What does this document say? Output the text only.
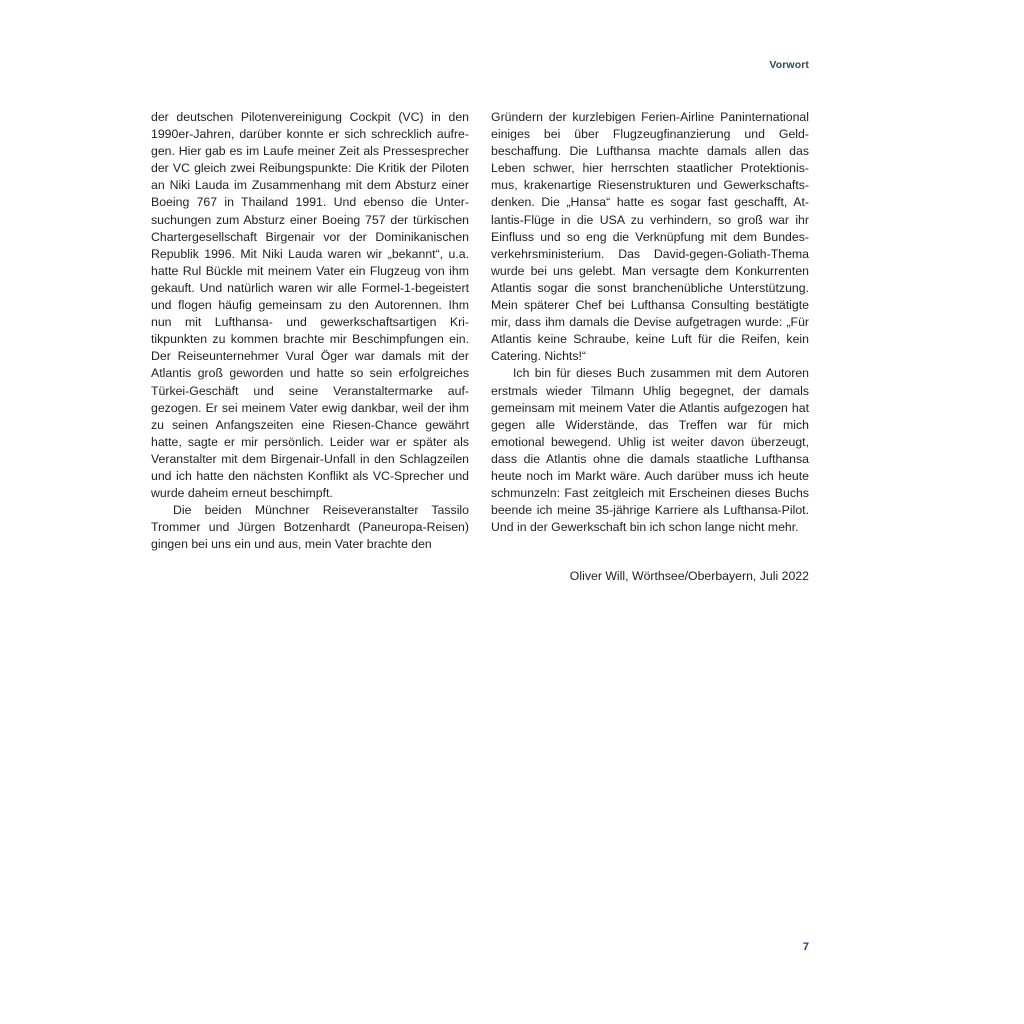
Vorwort

der deutschen Pilotenvereinigung Cockpit (VC) in den 1990er-Jahren, darüber konnte er sich schrecklich aufregen. Hier gab es im Laufe meiner Zeit als Pressesprecher der VC gleich zwei Reibungspunkte: Die Kritik der Piloten an Niki Lauda im Zusammenhang mit dem Absturz einer Boeing 767 in Thailand 1991. Und ebenso die Untersuchungen zum Absturz einer Boeing 757 der türkischen Chartergesellschaft Birgenair vor der Dominikanischen Republik 1996. Mit Niki Lauda waren wir „bekannt“, u.a. hatte Rul Bückle mit meinem Vater ein Flugzeug von ihm gekauft. Und natürlich waren wir alle Formel-1-begeistert und flogen häufig gemeinsam zu den Autorennen. Ihm nun mit Lufthansa- und gewerkschaftsartigen Kritikpunkten zu kommen brachte mir Beschimpfungen ein. Der Reiseunternehmer Vural Öger war damals mit der Atlantis groß geworden und hatte so sein erfolgreiches Türkei-Geschäft und seine Veranstaltermarke aufgezogen. Er sei meinem Vater ewig dankbar, weil der ihm zu seinen Anfangszeiten eine Riesen-Chance gewährt hatte, sagte er mir persönlich. Leider war er später als Veranstalter mit dem Birgenair-Unfall in den Schlagzeilen und ich hatte den nächsten Konflikt als VC-Sprecher und wurde daheim erneut beschimpft.

Die beiden Münchner Reiseveranstalter Tassilo Trommer und Jürgen Botzenhardt (Paneuropa-Reisen) gingen bei uns ein und aus, mein Vater brachte den

Gründern der kurzlebigen Ferien-Airline Paninternational einiges bei über Flugzeugfinanzierung und Geldbeschaffung. Die Lufthansa machte damals allen das Leben schwer, hier herrschten staatlicher Protektionismus, krakenartige Riesenstrukturen und Gewerkschaftsdenken. Die „Hansa“ hatte es sogar fast geschafft, Atlantis-Flüge in die USA zu verhindern, so groß war ihr Einfluss und so eng die Verknüpfung mit dem Bundesverkehrsministerium. Das David-gegen-Goliath-Thema wurde bei uns gelebt. Man versagte dem Konkurrenten Atlantis sogar die sonst branchenübliche Unterstützung. Mein späterer Chef bei Lufthansa Consulting bestätigte mir, dass ihm damals die Devise aufgetragen wurde: „Für Atlantis keine Schraube, keine Luft für die Reifen, kein Catering. Nichts!“

Ich bin für dieses Buch zusammen mit dem Autoren erstmals wieder Tilmann Uhlig begegnet, der damals gemeinsam mit meinem Vater die Atlantis aufgezogen hat gegen alle Widerstände, das Treffen war für mich emotional bewegend. Uhlig ist weiter davon überzeugt, dass die Atlantis ohne die damals staatliche Lufthansa heute noch im Markt wäre. Auch darüber muss ich heute schmunzeln: Fast zeitgleich mit Erscheinen dieses Buchs beende ich meine 35-jährige Karriere als Lufthansa-Pilot. Und in der Gewerkschaft bin ich schon lange nicht mehr.

Oliver Will, Wörthsee/Oberbayern, Juli 2022
7
